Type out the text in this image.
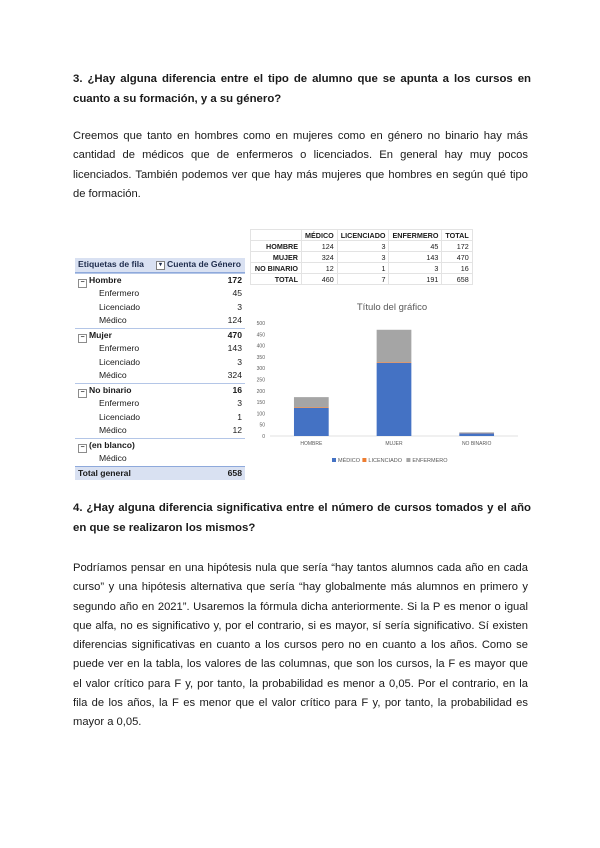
3. ¿Hay alguna diferencia entre el tipo de alumno que se apunta a los cursos en cuanto a su formación, y a su género?

Creemos que tanto en hombres como en mujeres como en género no binario hay más cantidad de médicos que de enfermeros o licenciados. En general hay muy pocos licenciados. También podemos ver que hay más mujeres que hombres en según qué tipo de formación.

Etiquetas de fila	▾ Cuenta de Género
− Hombre	172
Enfermero	45
Licenciado	3
Médico	124
− Mujer	470
Enfermero	143
Licenciado	3
Médico	324
− No binario	16
Enfermero	3
Licenciado	1
Médico	12
− (en blanco)
Médico
Total general	658
	MÉDICO	LICENCIADO	ENFERMERO	TOTAL
HOMBRE	124	3	45	172
MUJER	324	3	143	470
NO BINARIO	12	1	3	16
TOTAL	460	7	191	658
Título del gráfico
0
50
100
150
200
250
300
350
400
450
500
HOMBRE	MUJER	NO BINARIO
MÉDICO LICENCIADO ENFERMERO

4. ¿Hay alguna diferencia significativa entre el número de cursos tomados y el año en que se realizaron los mismos?

Podríamos pensar en una hipótesis nula que sería “hay tantos alumnos cada año en cada curso” y una hipótesis alternativa que sería “hay globalmente más alumnos en primero y segundo año en 2021”. Usaremos la fórmula dicha anteriormente. Si la P es menor o igual que alfa, no es significativo y, por el contrario, si es mayor, sí sería significativo. Sí existen diferencias significativas en cuanto a los cursos pero no en cuanto a los años. Como se puede ver en la tabla, los valores de las columnas, que son los cursos, la F es mayor que el valor crítico para F y, por tanto, la probabilidad es menor a 0,05. Por el contrario, en la fila de los años, la F es menor que el valor crítico para F y, por tanto, la probabilidad es mayor a 0,05.
